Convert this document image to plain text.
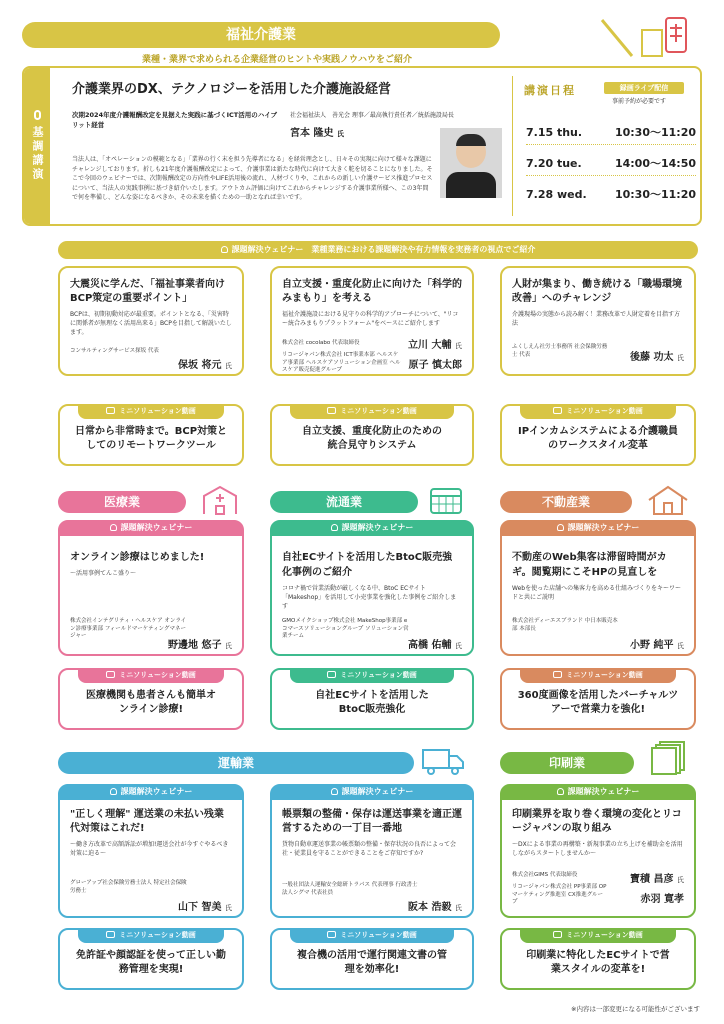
福祉介護業
業種・業界で求められる企業経営のヒントや実践ノウハウをご紹介
基調講演
介護業界のDX、テクノロジーを活用した介護施設経営
次期2024年度介護報酬改定を見据えた実践に基づくICT活用のハイブリット経営
社会福祉法人　善光会 理事／最高執行責任者／統括施設局長
宮本 隆史 氏
当法人は、「オペレーションの模範となる」「業界の行く末を担う先導者になる」を経営理念とし、日々その実現に向けて様々な課題にチャレンジしております。折しも21年度介護報酬改定によって、介護事業は新たな時代に向けて大きく舵を切ることになりました。そこで今回のウェビナーでは、次期報酬改定の方向性やLIFE活用後の流れ、人材づくりや、これからの新しい介護サービス推進プロセスについて、当法人の実践事例に基づき紹介いたします。アウトカム評価に向けてこれからチャレンジする介護事業所様へ、この3年間で何を準備し、どんな姿になるべきか、その未来を描くための一助となれば幸いです。
講演日程	録画ライブ配信
事前予約が必要です
7.15 thu.	10:30～11:20
7.20 tue.	14:00～14:50
7.28 wed.	10:30～11:20
課題解決ウェビナー　業種業務における課題解決や有力情報を実務者の視点でご紹介
大震災に学んだ、「福祉事業者向けBCP策定の重要ポイント」
BCPは、初期初動対応が最重要。ポイントとなる、「災害時に関係者が無理なく活用出来る」BCPを目指して解説いたします。
コンサルティングサービス探坂 代表
保坂 将元 氏
自立支援・重度化防止に向けた「科学的みまもり」を考える
福祉介護施設における見守りの科学的アプローチについて、"リコー統合みまもりプラットフォーム"をベースにご紹介します
株式会社 cocolabo 代表取締役	立川 大輔 氏
リコージャパン株式会社 ICT事業本部 ヘルスケア事業部 ヘルスケアソリューション企画室 ヘルスケア販売促進グループ	原子 慎太郎
人財が集まり、働き続ける「職場環境改善」へのチャレンジ
介護現場の実態から読み解く！業務改革で人財定着を目指す方法
ふくしえん社労士事務所 社会保険労務士 代表	後藤 功太 氏
ミニソリューション動画
日常から非常時まで。BCP対策としてのリモートワークツール
ミニソリューション動画
自立支援、重度化防止のための統合見守りシステム
ミニソリューション動画
IPインカムシステムによる介護職員のワークスタイル変革
医療業	流通業	不動産業
課題解決ウェビナー
オンライン診療はじめました!
～活用事例てんこ盛り～
株式会社インテグリティ・ヘルスケア オンライン診療事業部 フィールドマーケティングマネージャー
野邊地 悠子 氏
課題解決ウェビナー
自社ECサイトを活用したBtoC販売強化事例のご紹介
コロナ禍で営業活動が厳しくなる中、BtoC ECサイト「Makeshop」を活用して小売事業を強化した事例をご紹介します
GMOメイクショップ株式会社 MakeShop事業部 eコマースソリューショングループ ソリューション営業チーム
高橋 佑輔 氏
課題解決ウェビナー
不動産のWeb集客は滞留時間がカギ。閲覧期にこそHPの見直しを
Webを使った店舗への集客力を高める仕組みづくりをキーワードと共にご説明
株式会社ディーエスブランド 中日本販売本部 本部長
小野 純平 氏
ミニソリューション動画
医療機関も患者さんも簡単オンライン診療!
ミニソリューション動画
自社ECサイトを活用したBtoC販売強化
ミニソリューション動画
360度画像を活用したバーチャルツアーで営業力を強化!
運輸業	印刷業
課題解決ウェビナー
"正しく理解" 運送業の未払い残業代対策はこれだ!
～働き方改革で高額訴訟が増加!運送会社が今すぐやるべき対策に迫る～
グローアップ社会保険労務士法人 特定社会保険労務士
山下 智美 氏
課題解決ウェビナー
帳票類の整備・保存は運送事業を適正運営するための一丁目一番地
貨物自動車運送事業の帳票類の整備・保存状況の良否によって会社・従業員を守ることができることをご存知ですか?
一般社団法人運輸安全総研トラパス 代表理事 行政書士法人シグマ 代表社員
阪本 浩毅 氏
課題解決ウェビナー
印刷業界を取り巻く環境の変化とリコージャパンの取り組み
～DXによる事業の再構築・新規事業の立ち上げを補助金を活用しながらスタートしませんか～
株式会社GIMS 代表取締役	寶積 昌彦 氏
リコージャパン株式会社 PP事業部 OPマーケティング推進室 CX推進グループ	赤羽 寛孝
ミニソリューション動画
免許証や顔認証を使って正しい勤務管理を実現!
ミニソリューション動画
複合機の活用で運行関連文書の管理を効率化!
ミニソリューション動画
印刷業に特化したECサイトで営業スタイルの変革を!
※内容は一部変更になる可能性がございます
